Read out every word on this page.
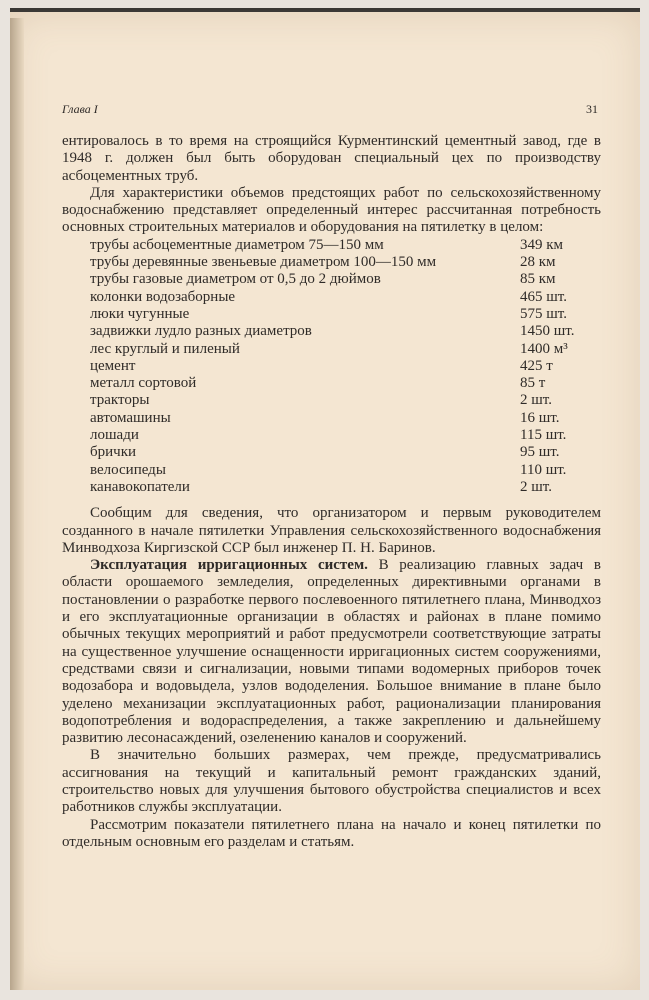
Глава I	31

ентировалось в то время на строящийся Курментинский цементный завод, где в 1948 г. должен был быть оборудован специальный цех по производству асбоцементных труб.

Для характеристики объемов предстоящих работ по сельскохозяйственному водоснабжению представляет определенный интерес рассчитанная потребность основных строительных материалов и оборудования на пятилетку в целом:

трубы асбоцементные диаметром 75—150 мм	349 км
трубы деревянные звеньевые диаметром 100—150 мм	28 км
трубы газовые диаметром от 0,5 до 2 дюймов	85 км
колонки водозаборные	465 шт.
люки чугунные	575 шт.
задвижки лудло разных диаметров	1450 шт.
лес круглый и пиленый	1400 м³
цемент	425 т
металл сортовой	85 т
тракторы	2 шт.
автомашины	16 шт.
лошади	115 шт.
брички	95 шт.
велосипеды	110 шт.
канавокопатели	2 шт.

Сообщим для сведения, что организатором и первым руководителем созданного в начале пятилетки Управления сельскохозяйственного водоснабжения Минводхоза Киргизской ССР был инженер П. Н. Баринов.

Эксплуатация ирригационных систем. В реализацию главных задач в области орошаемого земледелия, определенных директивными органами в постановлении о разработке первого послевоенного пятилетнего плана, Минводхоз и его эксплуатационные организации в областях и районах в плане помимо обычных текущих мероприятий и работ предусмотрели соответствующие затраты на существенное улучшение оснащенности ирригационных систем сооружениями, средствами связи и сигнализации, новыми типами водомерных приборов точек водозабора и водовыдела, узлов вододеления. Большое внимание в плане было уделено механизации эксплуатационных работ, рационализации планирования водопотребления и водораспределения, а также закреплению и дальнейшему развитию лесонасаждений, озеленению каналов и сооружений.

В значительно больших размерах, чем прежде, предусматривались ассигнования на текущий и капитальный ремонт гражданских зданий, строительство новых для улучшения бытового обустройства специалистов и всех работников службы эксплуатации.

Рассмотрим показатели пятилетнего плана на начало и конец пятилетки по отдельным основным его разделам и статьям.
